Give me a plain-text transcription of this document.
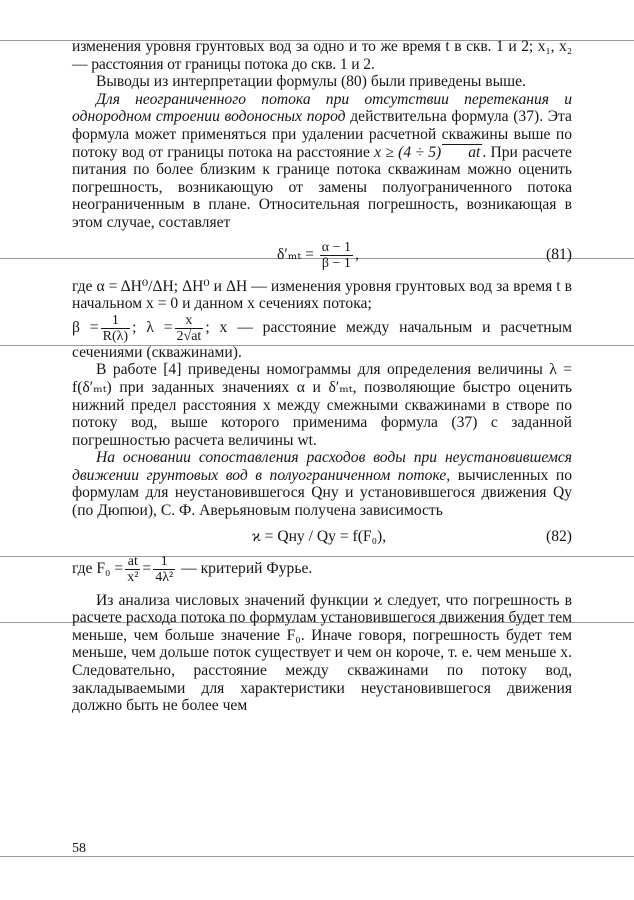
изменения уровня грунтовых вод за одно и то же время t в скв. 1 и 2; x₁, x₂ — расстояния от границы потока до скв. 1 и 2.

Выводы из интерпретации формулы (80) были приведены выше.

Для неограниченного потока при отсутствии перетекания и однородном строении водоносных пород действительна формула (37). Эта формула может применяться при удалении расчетной скважины выше по потоку вод от границы потока на расстояние x ≥ (4 ÷ 5) at . При расчете питания по более близким к границе потока скважинам можно оценить погрешность, возникающую от замены полуограниченного потока неограниченным в плане. Относительная погрешность, возникающая в этом случае, составляет

$\delta'_{mt} = \frac{\alpha - 1}{\beta - 1}$ ,	(81)

где α = ΔH⁰/ΔH; ΔH⁰ и ΔH — изменения уровня грунтовых вод за время t в начальном x = 0 и данном x сечениях потока;
$\beta = \frac{1}{R(\lambda)}$ ; $\lambda = \frac{x}{2√at}$ ; x — расстояние между начальным и расчетным сечениями (скважинами).

В работе [4] приведены номограммы для определения величины λ = f(δ′ₘₜ) при заданных значениях α и δ′ₘₜ, позволяющие быстро оценить нижний предел расстояния x между смежными скважинами в створе по потоку вод, выше которого применима формула (37) с заданной погрешностью расчета величины wt.

На основании сопоставления расходов воды при неустановившемся движении грунтовых вод в полуограниченном потоке, вычисленных по формулам для неустановившегося Qну и установившегося движения Qу (по Дюпюи), С. Ф. Аверьяновым получена зависимость

ϰ = Qну / Qу = f(F₀),	(82)

где $F_0 = \frac{at}{\text{x²}} = \frac{1}{\text{4λ²}}$ — критерий Фурье.

Из анализа числовых значений функции ϰ следует, что погрешность в расчете расхода потока по формулам установившегося движения будет тем меньше, чем больше значение F₀. Иначе говоря, погрешность будет тем меньше, чем дольше поток существует и чем он короче, т. е. чем меньше x. Следовательно, расстояние между скважинами по потоку вод, закладываемыми для характеристики неустановившегося движения должно быть не более чем

58
